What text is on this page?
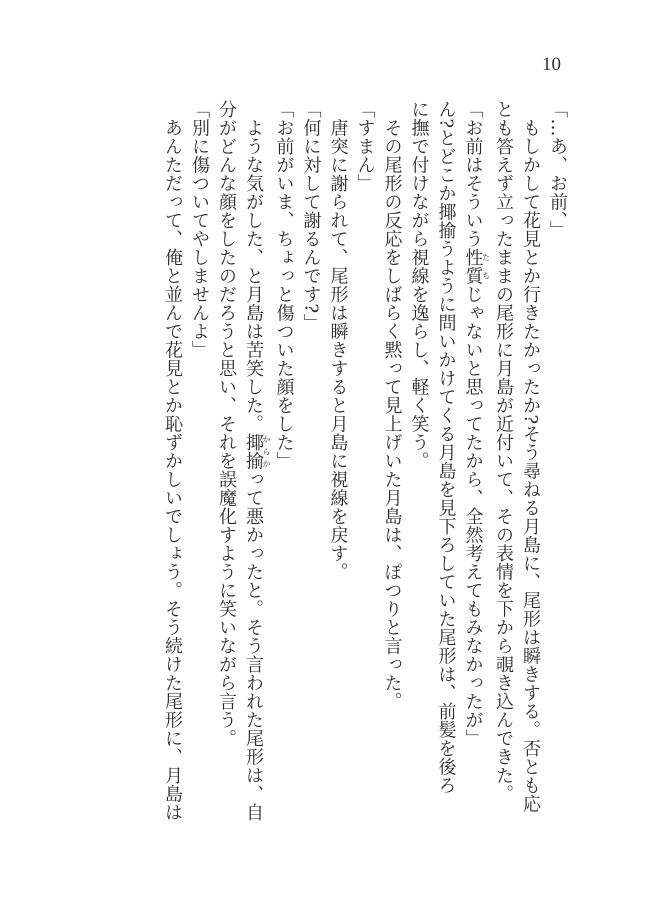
10
「…あ、お前、」
　もしかして花見とか行きたかったか?そう尋ねる月島に、尾形は瞬きする。否とも応
とも答えず立ったままの尾形に月島が近付いて、その表情を下から覗き込んできた。
「お前はそういう性質たちじゃないと思ってたから、全然考えてもみなかったが」
ん?とどこか揶揄うように問いかけてくる月島を見下ろしていた尾形は、前髪を後ろ
に撫で付けながら視線を逸らし、軽く笑う。
　その尾形の反応をしばらく黙って見上げいた月島は、ぽつりと言った。
「すまん」
　唐突に謝られて、尾形は瞬きすると月島に視線を戻す。
「何に対して謝るんです?」
「お前がいま、ちょっと傷ついた顔をした」
　ような気がした、と月島は苦笑した。揶揄からかって悪かったと。そう言われた尾形は、自
分がどんな顔をしたのだろうと思い、それを誤魔化すように笑いながら言う。
「別に傷ついてやしませんよ」
　あんただって、俺と並んで花見とか恥ずかしいでしょう。そう続けた尾形に、月島は
